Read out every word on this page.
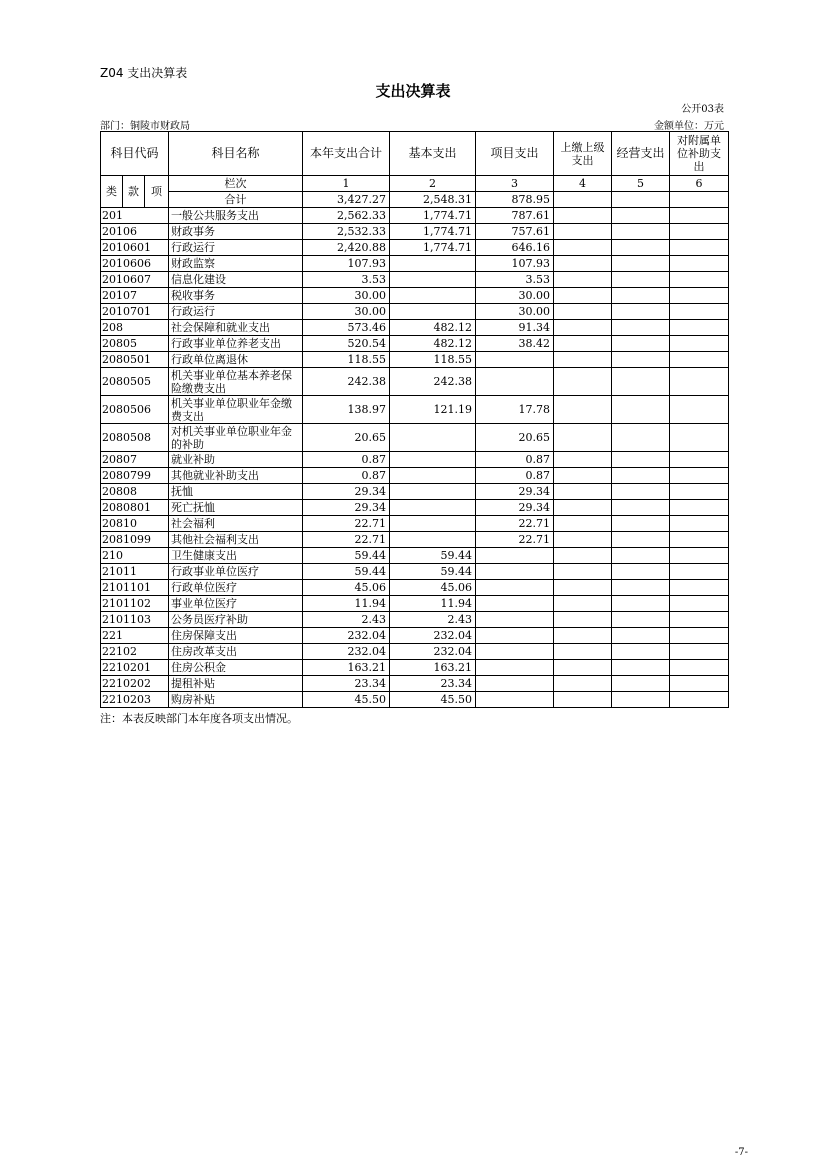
Z04 支出决算表
支出决算表
公开03表
部门：铜陵市财政局	金额单位：万元
科目代码			科目名称	本年支出合计	基本支出	项目支出	上缴上级支出	经营支出	对附属单位补助支出
类	款	项	栏次	1	2	3	4	5	6
			合计	3,427.27	2,548.31	878.95			
201			一般公共服务支出	2,562.33	1,774.71	787.61			
20106			财政事务	2,532.33	1,774.71	757.61			
2010601			行政运行	2,420.88	1,774.71	646.16			
2010606			财政监察	107.93		107.93			
2010607			信息化建设	3.53		3.53			
20107			税收事务	30.00		30.00			
2010701			行政运行	30.00		30.00			
208			社会保障和就业支出	573.46	482.12	91.34			
20805			行政事业单位养老支出	520.54	482.12	38.42			
2080501			行政单位离退休	118.55	118.55				
2080505			机关事业单位基本养老保险缴费支出	242.38	242.38				
2080506			机关事业单位职业年金缴费支出	138.97	121.19	17.78			
2080508			对机关事业单位职业年金的补助	20.65		20.65			
20807			就业补助	0.87		0.87			
2080799			其他就业补助支出	0.87		0.87			
20808			抚恤	29.34		29.34			
2080801			死亡抚恤	29.34		29.34			
20810			社会福利	22.71		22.71			
2081099			其他社会福利支出	22.71		22.71			
210			卫生健康支出	59.44	59.44				
21011			行政事业单位医疗	59.44	59.44				
2101101			行政单位医疗	45.06	45.06				
2101102			事业单位医疗	11.94	11.94				
2101103			公务员医疗补助	2.43	2.43				
221			住房保障支出	232.04	232.04				
22102			住房改革支出	232.04	232.04				
2210201			住房公积金	163.21	163.21				
2210202			提租补贴	23.34	23.34				
2210203			购房补贴	45.50	45.50				
注：本表反映部门本年度各项支出情况。
-7-
